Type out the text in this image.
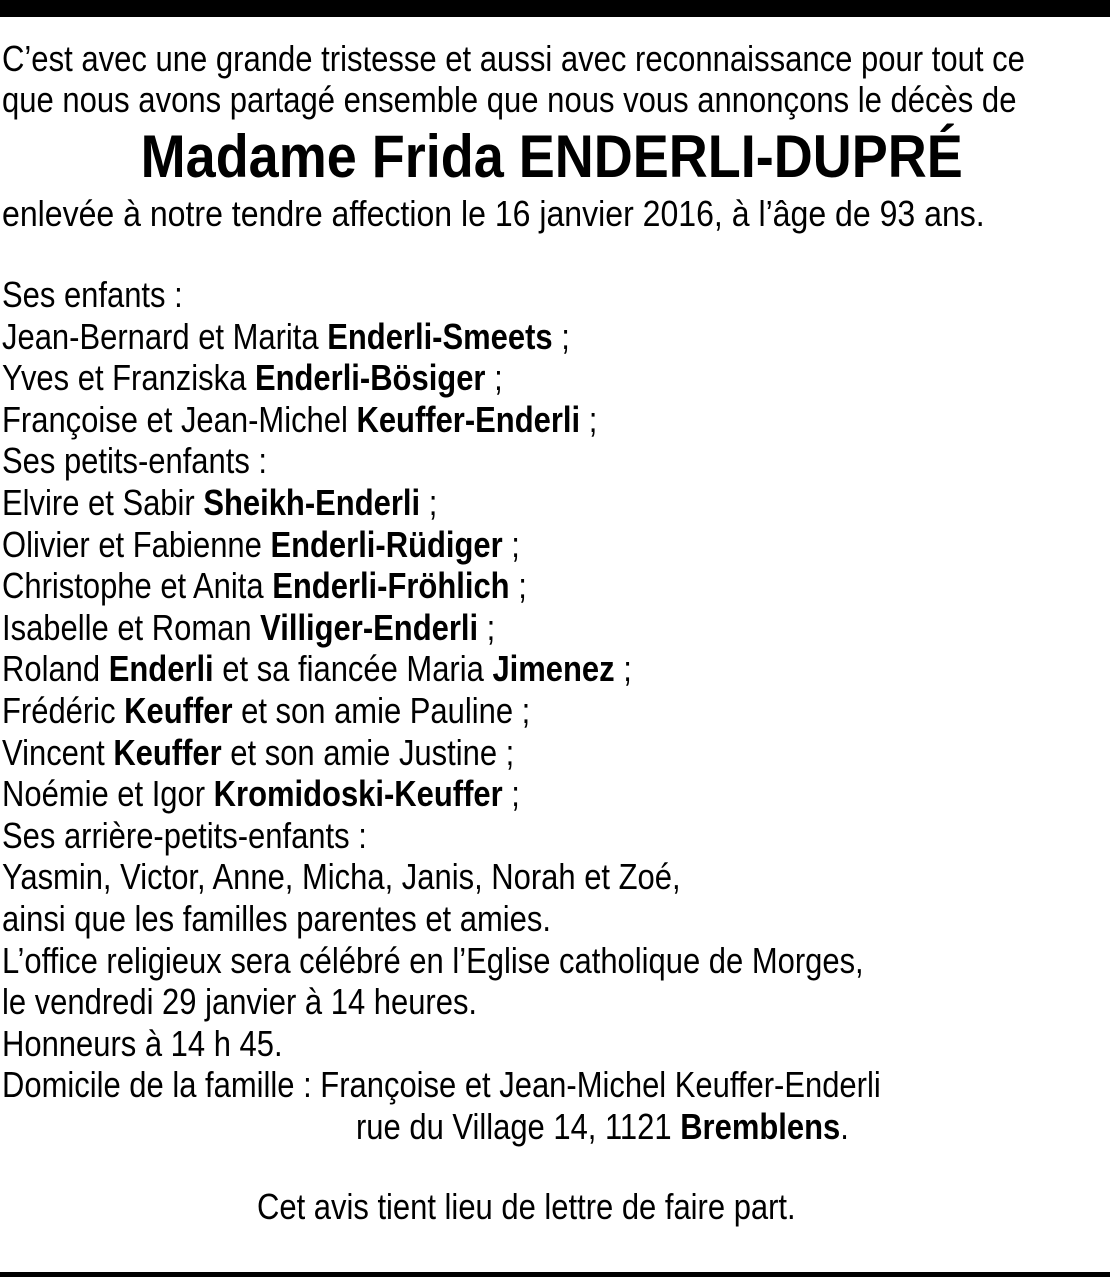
C’est avec une grande tristesse et aussi avec reconnaissance pour tout ce
que nous avons partagé ensemble que nous vous annonçons le décès de
Madame Frida ENDERLI-DUPRÉ
enlevée à notre tendre affection le 16 janvier 2016, à l’âge de 93 ans.
Ses enfants :
Jean-Bernard et Marita Enderli-Smeets ;
Yves et Franziska Enderli-Bösiger ;
Françoise et Jean-Michel Keuffer-Enderli ;
Ses petits-enfants :
Elvire et Sabir Sheikh-Enderli ;
Olivier et Fabienne Enderli-Rüdiger ;
Christophe et Anita Enderli-Fröhlich ;
Isabelle et Roman Villiger-Enderli ;
Roland Enderli et sa fiancée Maria Jimenez ;
Frédéric Keuffer et son amie Pauline ;
Vincent Keuffer et son amie Justine ;
Noémie et Igor Kromidoski-Keuffer ;
Ses arrière-petits-enfants :
Yasmin, Victor, Anne, Micha, Janis, Norah et Zoé,
ainsi que les familles parentes et amies.
L’office religieux sera célébré en l’Eglise catholique de Morges,
le vendredi 29 janvier à 14 heures.
Honneurs à 14 h 45.
Domicile de la famille : Françoise et Jean-Michel Keuffer-Enderli
rue du Village 14, 1121 Bremblens.
Cet avis tient lieu de lettre de faire part.
